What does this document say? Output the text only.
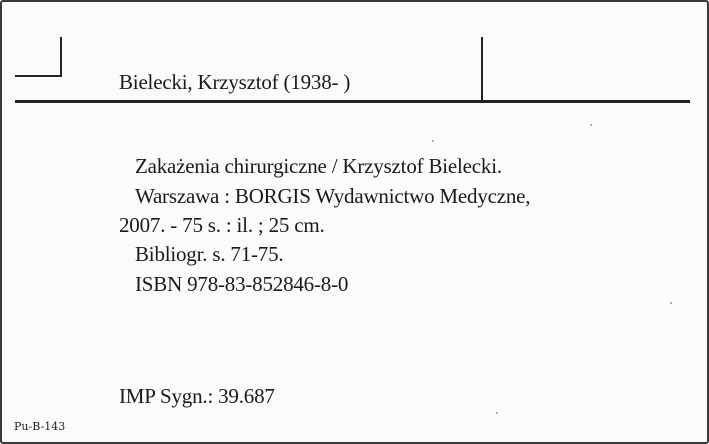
Bielecki, Krzysztof (1938- )
Zakażenia chirurgiczne / Krzysztof Bielecki.
Warszawa : BORGIS Wydawnictwo Medyczne,
2007. - 75 s. : il. ; 25 cm.
Bibliogr. s. 71-75.
ISBN 978-83-852846-8-0
IMP Sygn.: 39.687
Pu-B-143
